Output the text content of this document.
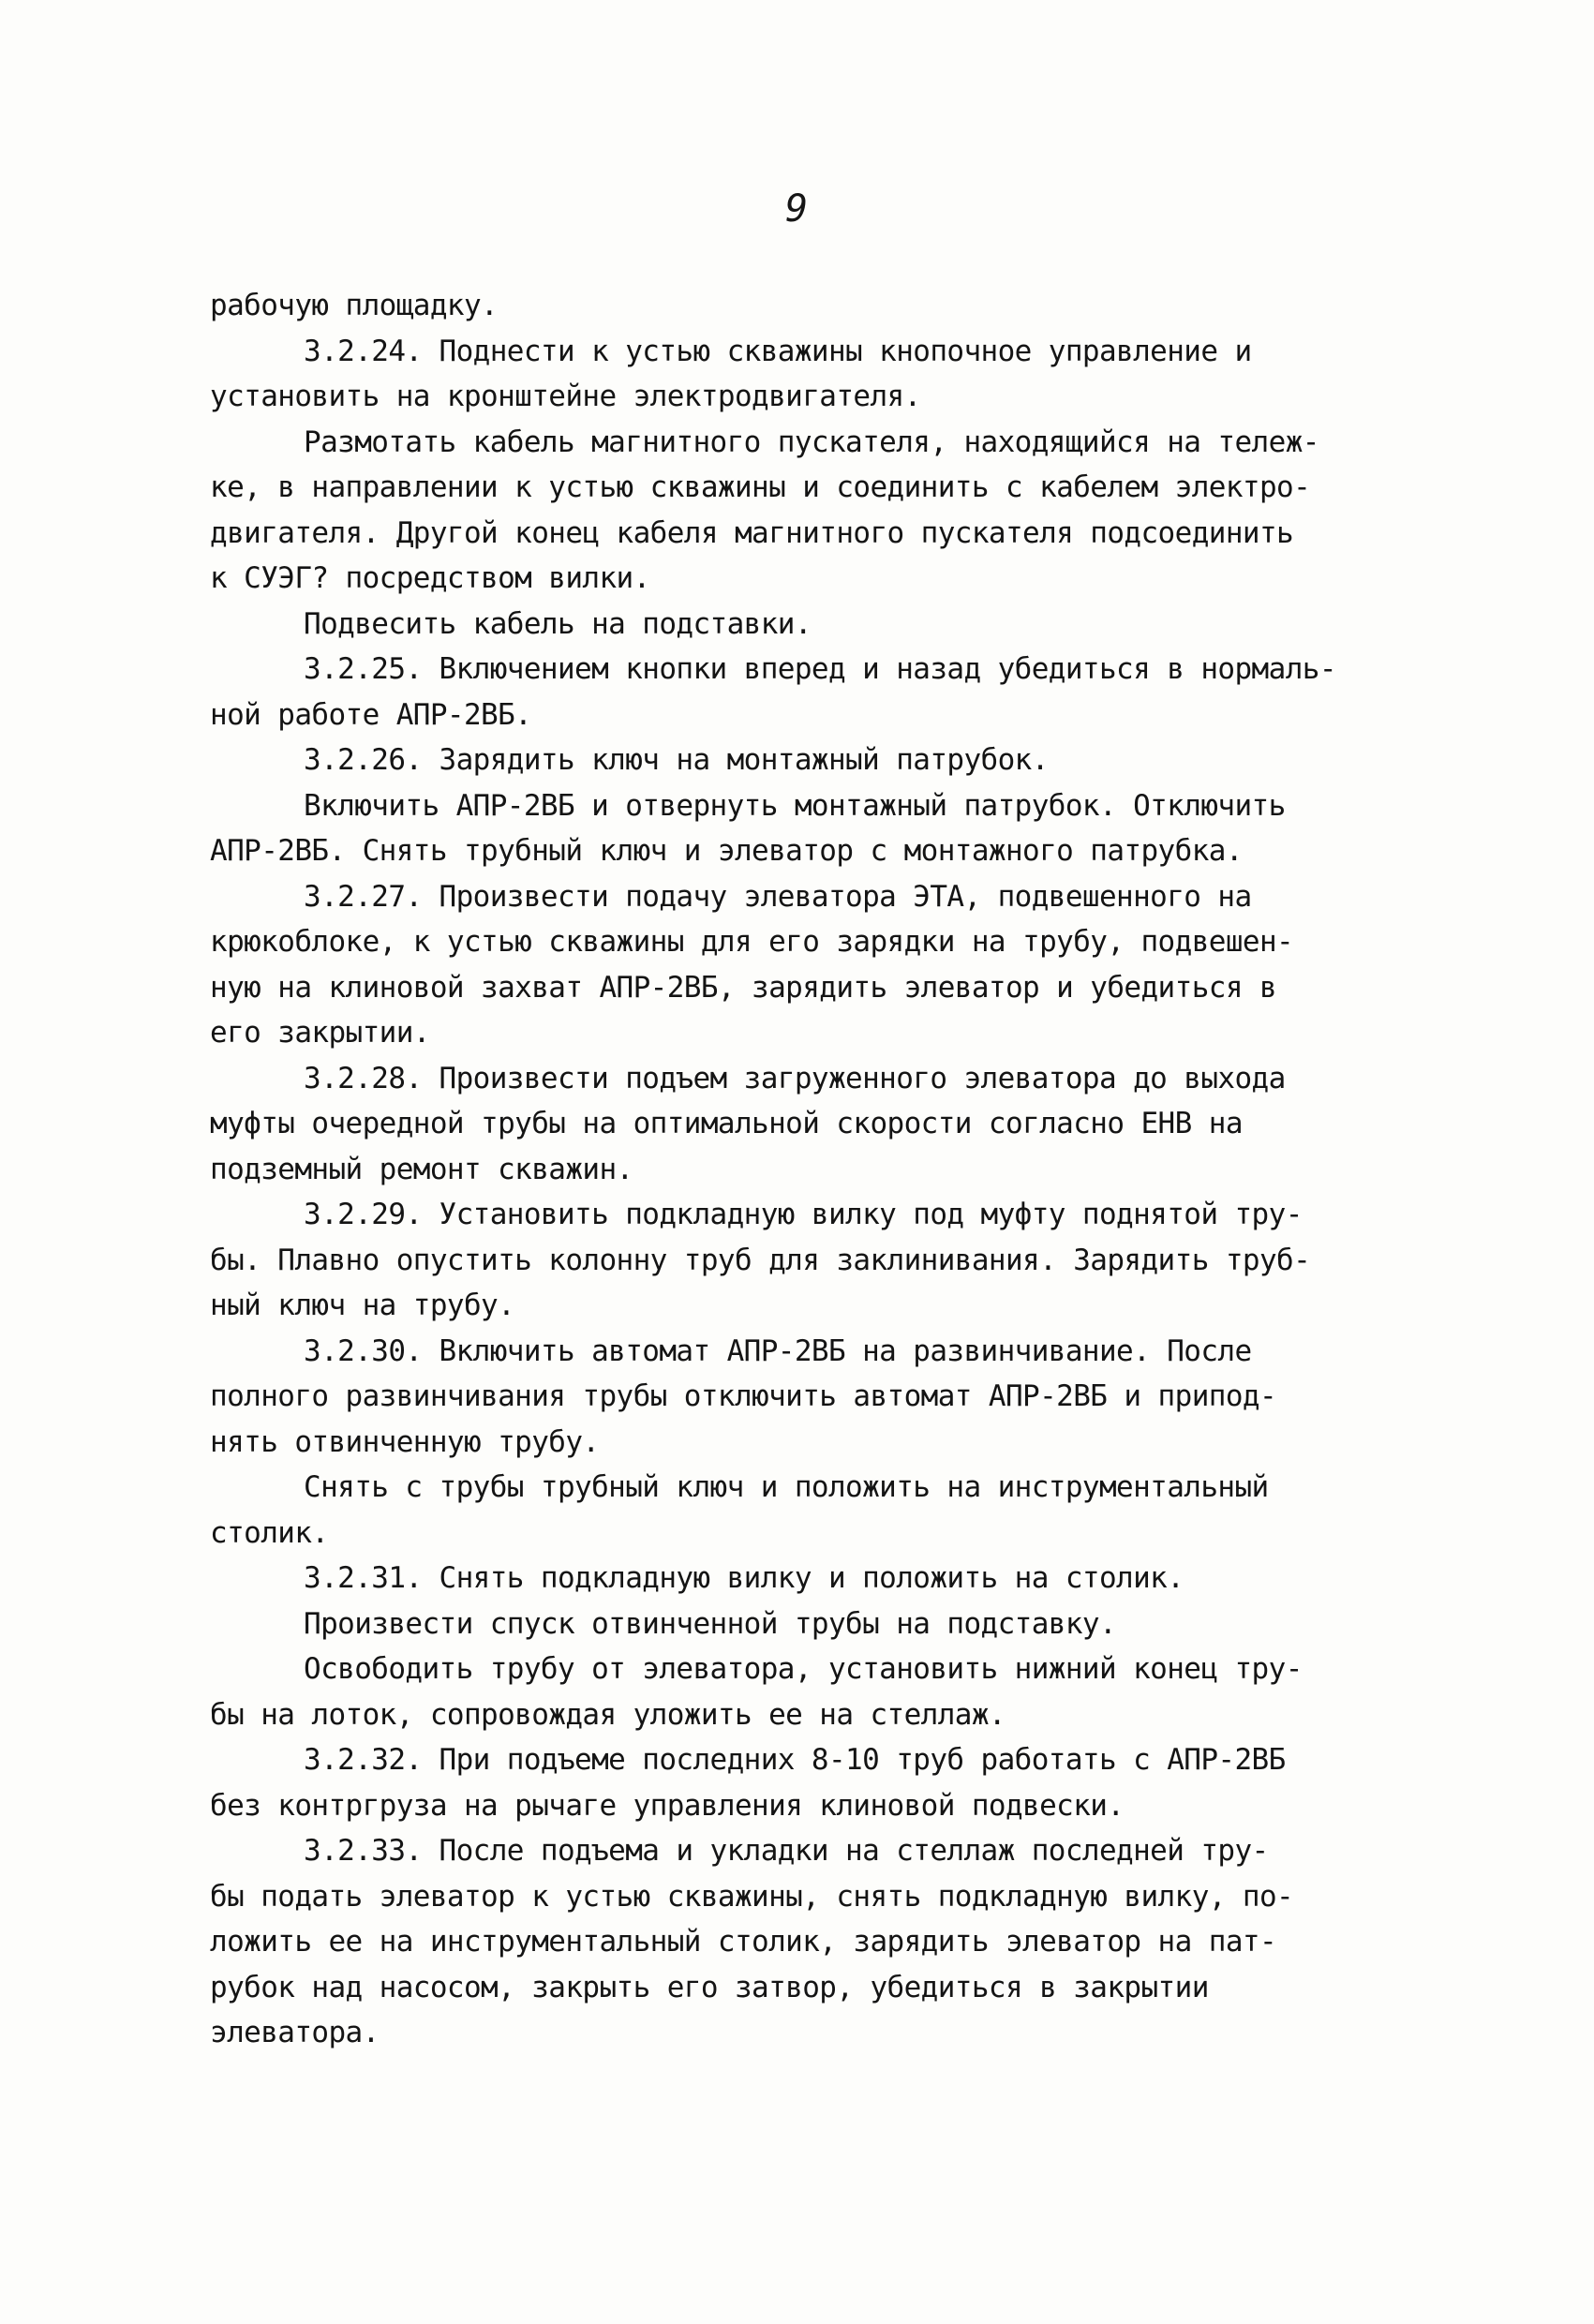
9
рабочую площадку.
3.2.24. Поднести к устью скважины кнопочное управление и
установить на кронштейне электродвигателя.
Размотать кабель магнитного пускателя, находящийся на тележ-
ке, в направлении к устью скважины и соединить с кабелем электро-
двигателя. Другой конец кабеля магнитного пускателя подсоединить
к СУЭГ? посредством вилки.
Подвесить кабель на подставки.
3.2.25. Включением кнопки вперед и назад убедиться в нормаль-
ной работе АПР-2ВБ.
3.2.26. Зарядить ключ на монтажный патрубок.
Включить АПР-2ВБ и отвернуть монтажный патрубок. Отключить
АПР-2ВБ. Снять трубный ключ и элеватор с монтажного патрубка.
3.2.27. Произвести подачу элеватора ЭТА, подвешенного на
крюкоблоке, к устью скважины для его зарядки на трубу, подвешен-
ную на клиновой захват АПР-2ВБ, зарядить элеватор и убедиться в
его закрытии.
3.2.28. Произвести подъем загруженного элеватора до выхода
муфты очередной трубы на оптимальной скорости согласно ЕНВ на
подземный ремонт скважин.
3.2.29. Установить подкладную вилку под муфту поднятой тру-
бы. Плавно опустить колонну труб для заклинивания. Зарядить труб-
ный ключ на трубу.
3.2.30. Включить автомат АПР-2ВБ на развинчивание. После
полного развинчивания трубы отключить автомат АПР-2ВБ и припод-
нять отвинченную трубу.
Снять с трубы трубный ключ и положить на инструментальный
столик.
3.2.31. Снять подкладную вилку и положить на столик.
Произвести спуск отвинченной трубы на подставку.
Освободить трубу от элеватора, установить нижний конец тру-
бы на лоток, сопровождая уложить ее на стеллаж.
3.2.32. При подъеме последних 8-10 труб работать с АПР-2ВБ
без контргруза на рычаге управления клиновой подвески.
3.2.33. После подъема и укладки на стеллаж последней тру-
бы подать элеватор к устью скважины, снять подкладную вилку, по-
ложить ее на инструментальный столик, зарядить элеватор на пат-
рубок над насосом, закрыть его затвор, убедиться в закрытии
элеватора.
